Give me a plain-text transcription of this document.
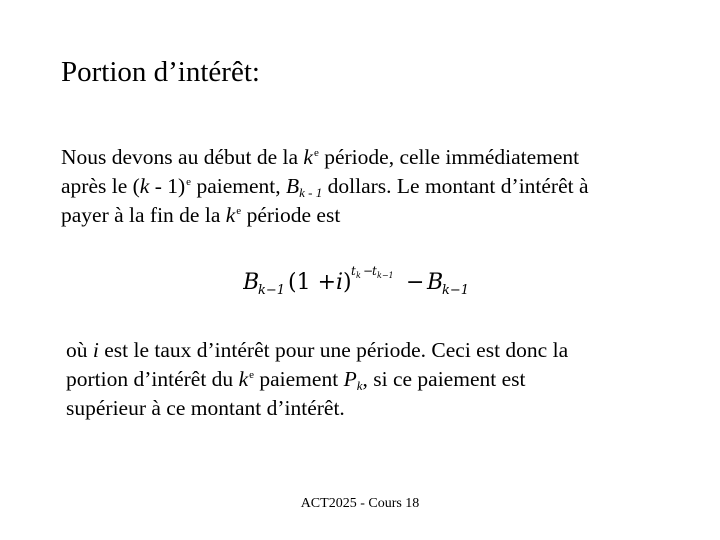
Portion d’intérêt:
Nous devons au début de la $k^e$ période, celle immédiatement
après le (k - 1)$^e$ paiement, $B_{k - 1}$ dollars. Le montant d’intérêt à
payer à la fin de la $k^e$ période est
B
k−1 (1 + i ) t k −
t k−1 − B
k−1
où i est le taux d’intérêt pour une période. Ceci est donc la
portion d’intérêt du $k^e$ paiement $P_k$, si ce paiement est
supérieur à ce montant d’intérêt.
ACT2025 - Cours 18
